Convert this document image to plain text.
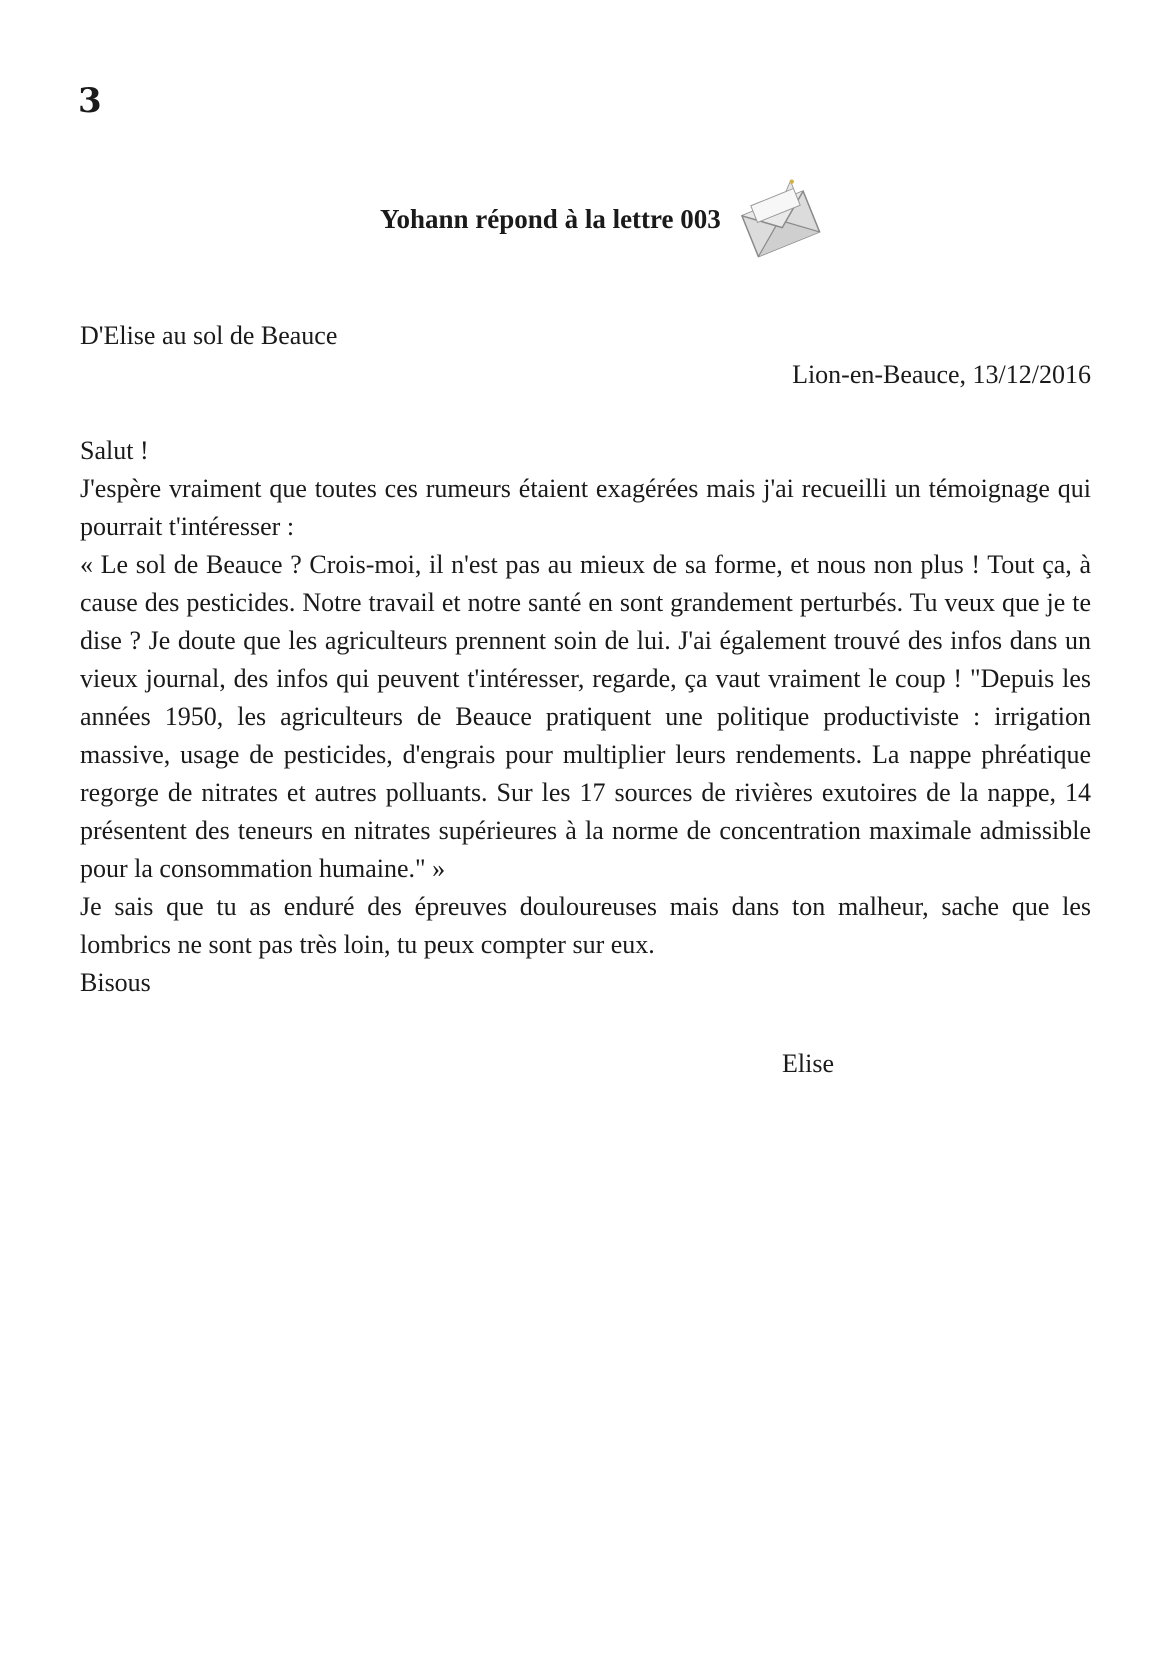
3
Yohann répond à la lettre 003

D'Elise au sol de Beauce

Lion-en-Beauce, 13/12/2016

Salut !

J'espère vraiment que toutes ces rumeurs étaient exagérées mais j'ai recueilli un témoignage qui pourrait t'intéresser :

« Le sol de Beauce ? Crois-moi, il n'est pas au mieux de sa forme, et nous non plus ! Tout ça, à cause des pesticides. Notre travail et notre santé en sont grandement perturbés. Tu veux que je te dise ? Je doute que les agriculteurs prennent soin de lui. J'ai également trouvé des infos dans un vieux journal, des infos qui peuvent t'intéresser, regarde, ça vaut vraiment le coup ! "Depuis les années 1950, les agriculteurs de Beauce pratiquent une politique productiviste : irrigation massive, usage de pesticides, d'engrais pour multiplier leurs rendements. La nappe phréatique regorge de nitrates et autres polluants. Sur les 17 sources de rivières exutoires de la nappe, 14 présentent des teneurs en nitrates supérieures à la norme de concentration maximale admissible pour la consommation humaine." »

Je sais que tu as enduré des épreuves douloureuses mais dans ton malheur, sache que les lombrics ne sont pas très loin, tu peux compter sur eux.

Bisous

Elise
